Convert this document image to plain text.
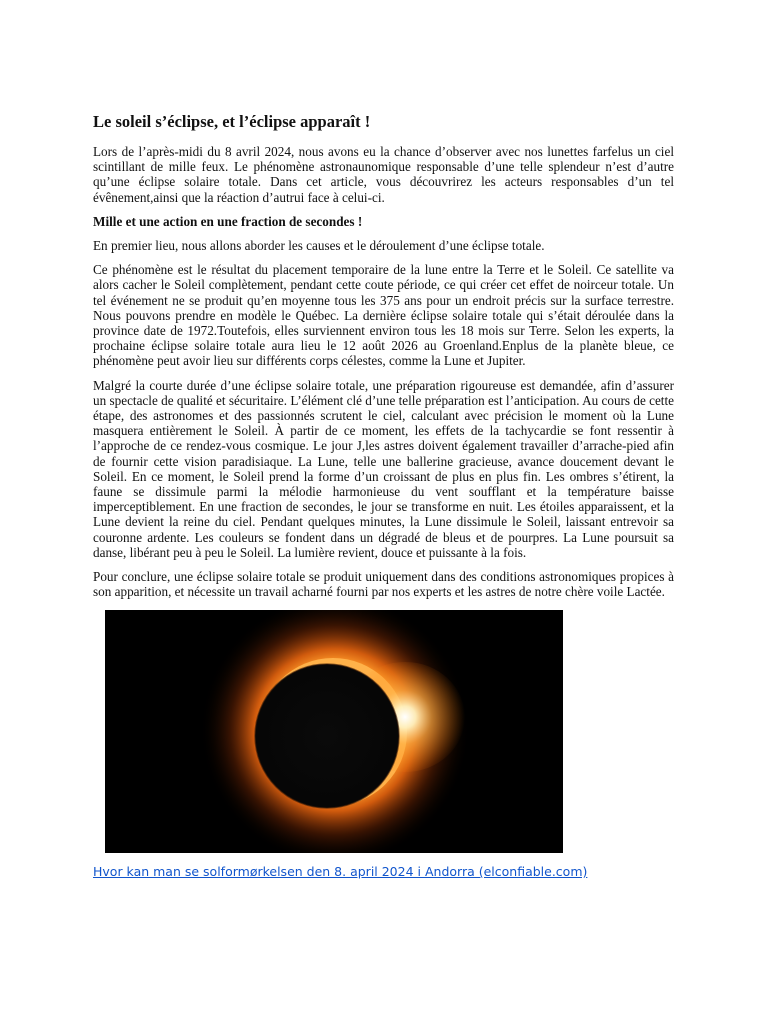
Le soleil s’éclipse, et l’éclipse apparaît !

Lors de l’après-midi du 8 avril 2024, nous avons eu la chance d’observer avec nos lunettes farfelus un ciel scintillant de mille feux. Le phénomène astronaunomique responsable d’une telle splendeur n’est d’autre qu’une éclipse solaire totale. Dans cet article, vous découvrirez les acteurs responsables d’un tel évênement,ainsi que la réaction d’autrui face à celui-ci.

Mille et une action en une fraction de secondes !

En premier lieu, nous allons aborder les causes et le déroulement d’une éclipse totale.

Ce phénomène est le résultat du placement temporaire de la lune entre la Terre et le Soleil. Ce satellite va alors cacher le Soleil complètement, pendant cette coute période, ce qui créer cet effet de noirceur totale. Un tel événement ne se produit qu’en moyenne tous les 375 ans pour un endroit précis sur la surface terrestre. Nous pouvons prendre en modèle le Québec. La dernière éclipse solaire totale qui s’était déroulée dans la province date de 1972.Toutefois, elles surviennent environ tous les 18 mois sur Terre. Selon les experts, la prochaine éclipse solaire totale aura lieu le 12 août 2026 au Groenland.Enplus de la planète bleue, ce phénomène peut avoir lieu sur différents corps célestes, comme la Lune et Jupiter.

Malgré la courte durée d’une éclipse solaire totale, une préparation rigoureuse est demandée, afin d’assurer un spectacle de qualité et sécuritaire. L’élément clé d’une telle préparation est l’anticipation. Au cours de cette étape, des astronomes et des passionnés scrutent le ciel, calculant avec précision le moment où la Lune masquera entièrement le Soleil. À partir de ce moment, les effets de la tachycardie se font ressentir à l’approche de ce rendez-vous cosmique. Le jour J,les astres doivent également travailler d’arrache-pied afin de fournir cette vision paradisiaque. La Lune, telle une ballerine gracieuse, avance doucement devant le Soleil. En ce moment, le Soleil prend la forme d’un croissant de plus en plus fin. Les ombres s’étirent, la faune se dissimule parmi la mélodie harmonieuse du vent soufflant et la température baisse imperceptiblement. En une fraction de secondes, le jour se transforme en nuit. Les étoiles apparaissent, et la Lune devient la reine du ciel. Pendant quelques minutes, la Lune dissimule le Soleil, laissant entrevoir sa couronne ardente. Les couleurs se fondent dans un dégradé de bleus et de pourpres. La Lune poursuit sa danse, libérant peu à peu le Soleil. La lumière revient, douce et puissante à la fois.

Pour conclure, une éclipse solaire totale se produit uniquement dans des conditions astronomiques propices à son apparition, et nécessite un travail acharné fourni par nos experts et les astres de notre chère voile Lactée.

Hvor kan man se solformørkelsen den 8. april 2024 i Andorra (elconfiable.com)
